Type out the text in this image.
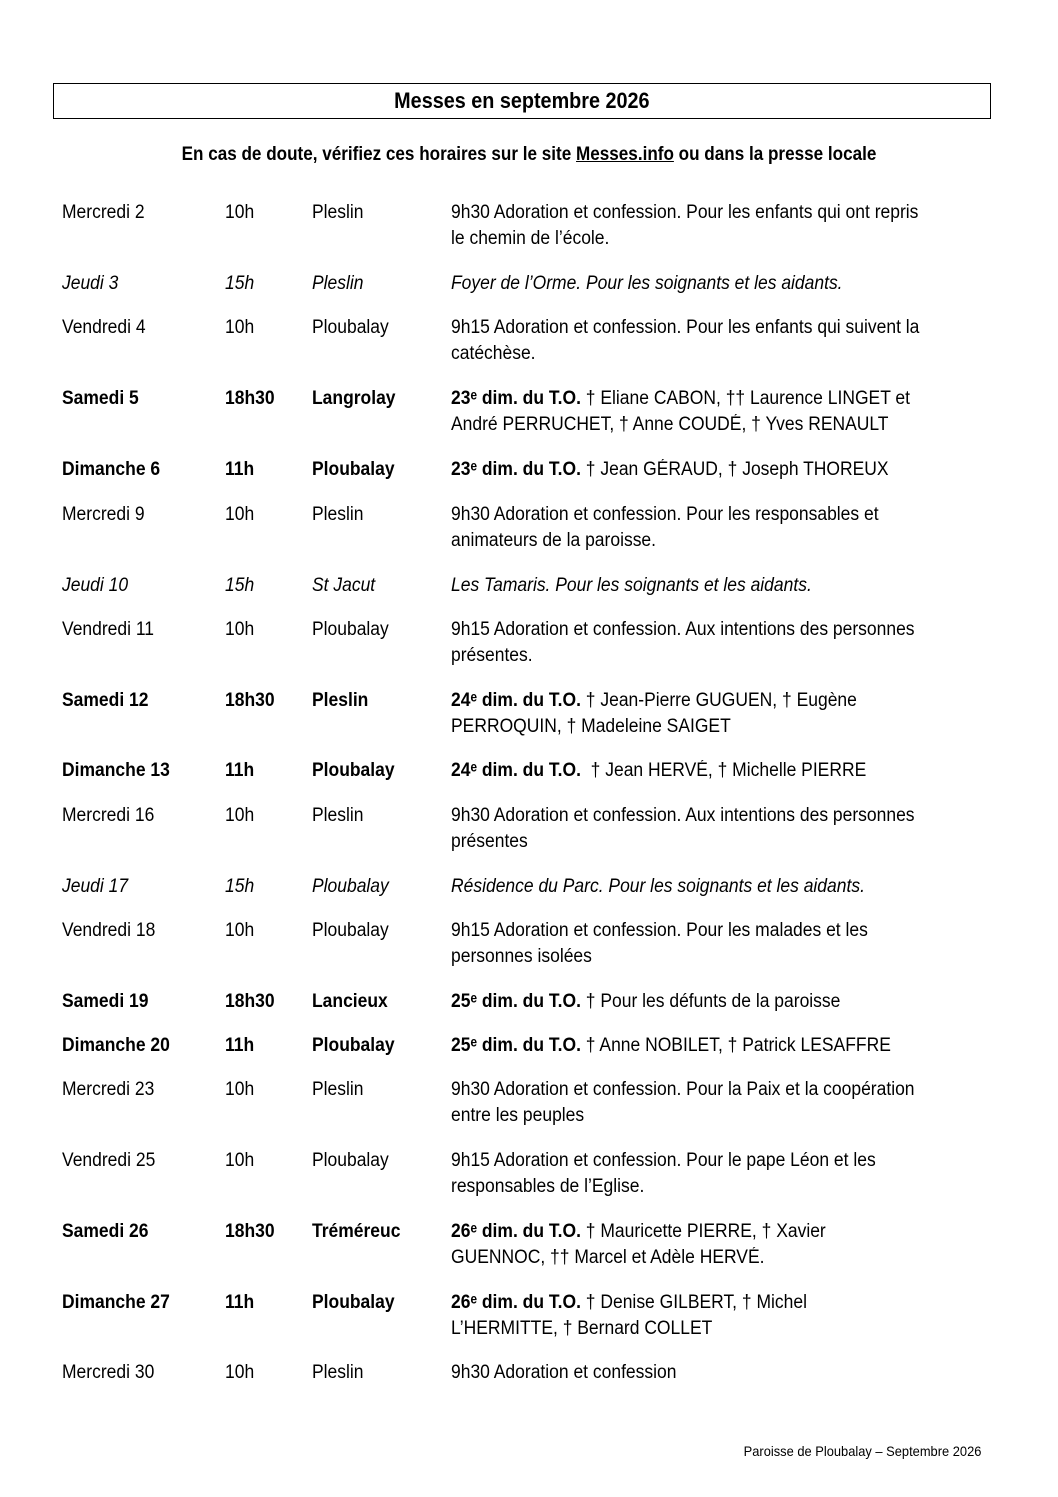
Messes en septembre 2026
En cas de doute, vérifiez ces horaires sur le site Messes.info ou dans la presse locale
Mercredi 2	10h	Pleslin	9h30 Adoration et confession. Pour les enfants qui ont repris
le chemin de l’école.
Jeudi 3	15h	Pleslin	Foyer de l’Orme. Pour les soignants et les aidants.
Vendredi 4	10h	Ploubalay	9h15 Adoration et confession. Pour les enfants qui suivent la
catéchèse.
Samedi 5	18h30 Langrolay	23ᵉ dim. du T.O. † Eliane CABON, †† Laurence LINGET et
André PERRUCHET, † Anne COUDÉ, † Yves RENAULT
Dimanche 6	11h	Ploubalay	23ᵉ dim. du T.O. † Jean GÉRAUD, † Joseph THOREUX
Mercredi 9	10h	Pleslin	9h30 Adoration et confession. Pour les responsables et
animateurs de la paroisse.
Jeudi 10	15h	St Jacut	Les Tamaris. Pour les soignants et les aidants.
Vendredi 11	10h	Ploubalay	9h15 Adoration et confession. Aux intentions des personnes
présentes.
Samedi 12	18h30 Pleslin	24ᵉ dim. du T.O. † Jean-Pierre GUGUEN, † Eugène
PERROQUIN, † Madeleine SAIGET
Dimanche 13	11h	Ploubalay	24ᵉ dim. du T.O.  † Jean HERVÉ, † Michelle PIERRE
Mercredi 16	10h	Pleslin	9h30 Adoration et confession. Aux intentions des personnes
présentes
Jeudi 17	15h	Ploubalay	Résidence du Parc. Pour les soignants et les aidants.
Vendredi 18	10h	Ploubalay	9h15 Adoration et confession. Pour les malades et les
personnes isolées
Samedi 19	18h30 Lancieux	25ᵉ dim. du T.O. † Pour les défunts de la paroisse
Dimanche 20	11h	Ploubalay	25ᵉ dim. du T.O. † Anne NOBILET, † Patrick LESAFFRE
Mercredi 23	10h	Pleslin	9h30 Adoration et confession. Pour la Paix et la coopération
entre les peuples
Vendredi 25	10h	Ploubalay	9h15 Adoration et confession. Pour le pape Léon et les
responsables de l’Eglise.
Samedi 26	18h30 Tréméreuc	26ᵉ dim. du T.O. † Mauricette PIERRE, † Xavier
GUENNOC, †† Marcel et Adèle HERVÉ.
Dimanche 27	11h	Ploubalay	26ᵉ dim. du T.O. † Denise GILBERT, † Michel
L’HERMITTE, † Bernard COLLET
Mercredi 30	10h	Pleslin	9h30 Adoration et confession
Paroisse de Ploubalay – Septembre 2026
